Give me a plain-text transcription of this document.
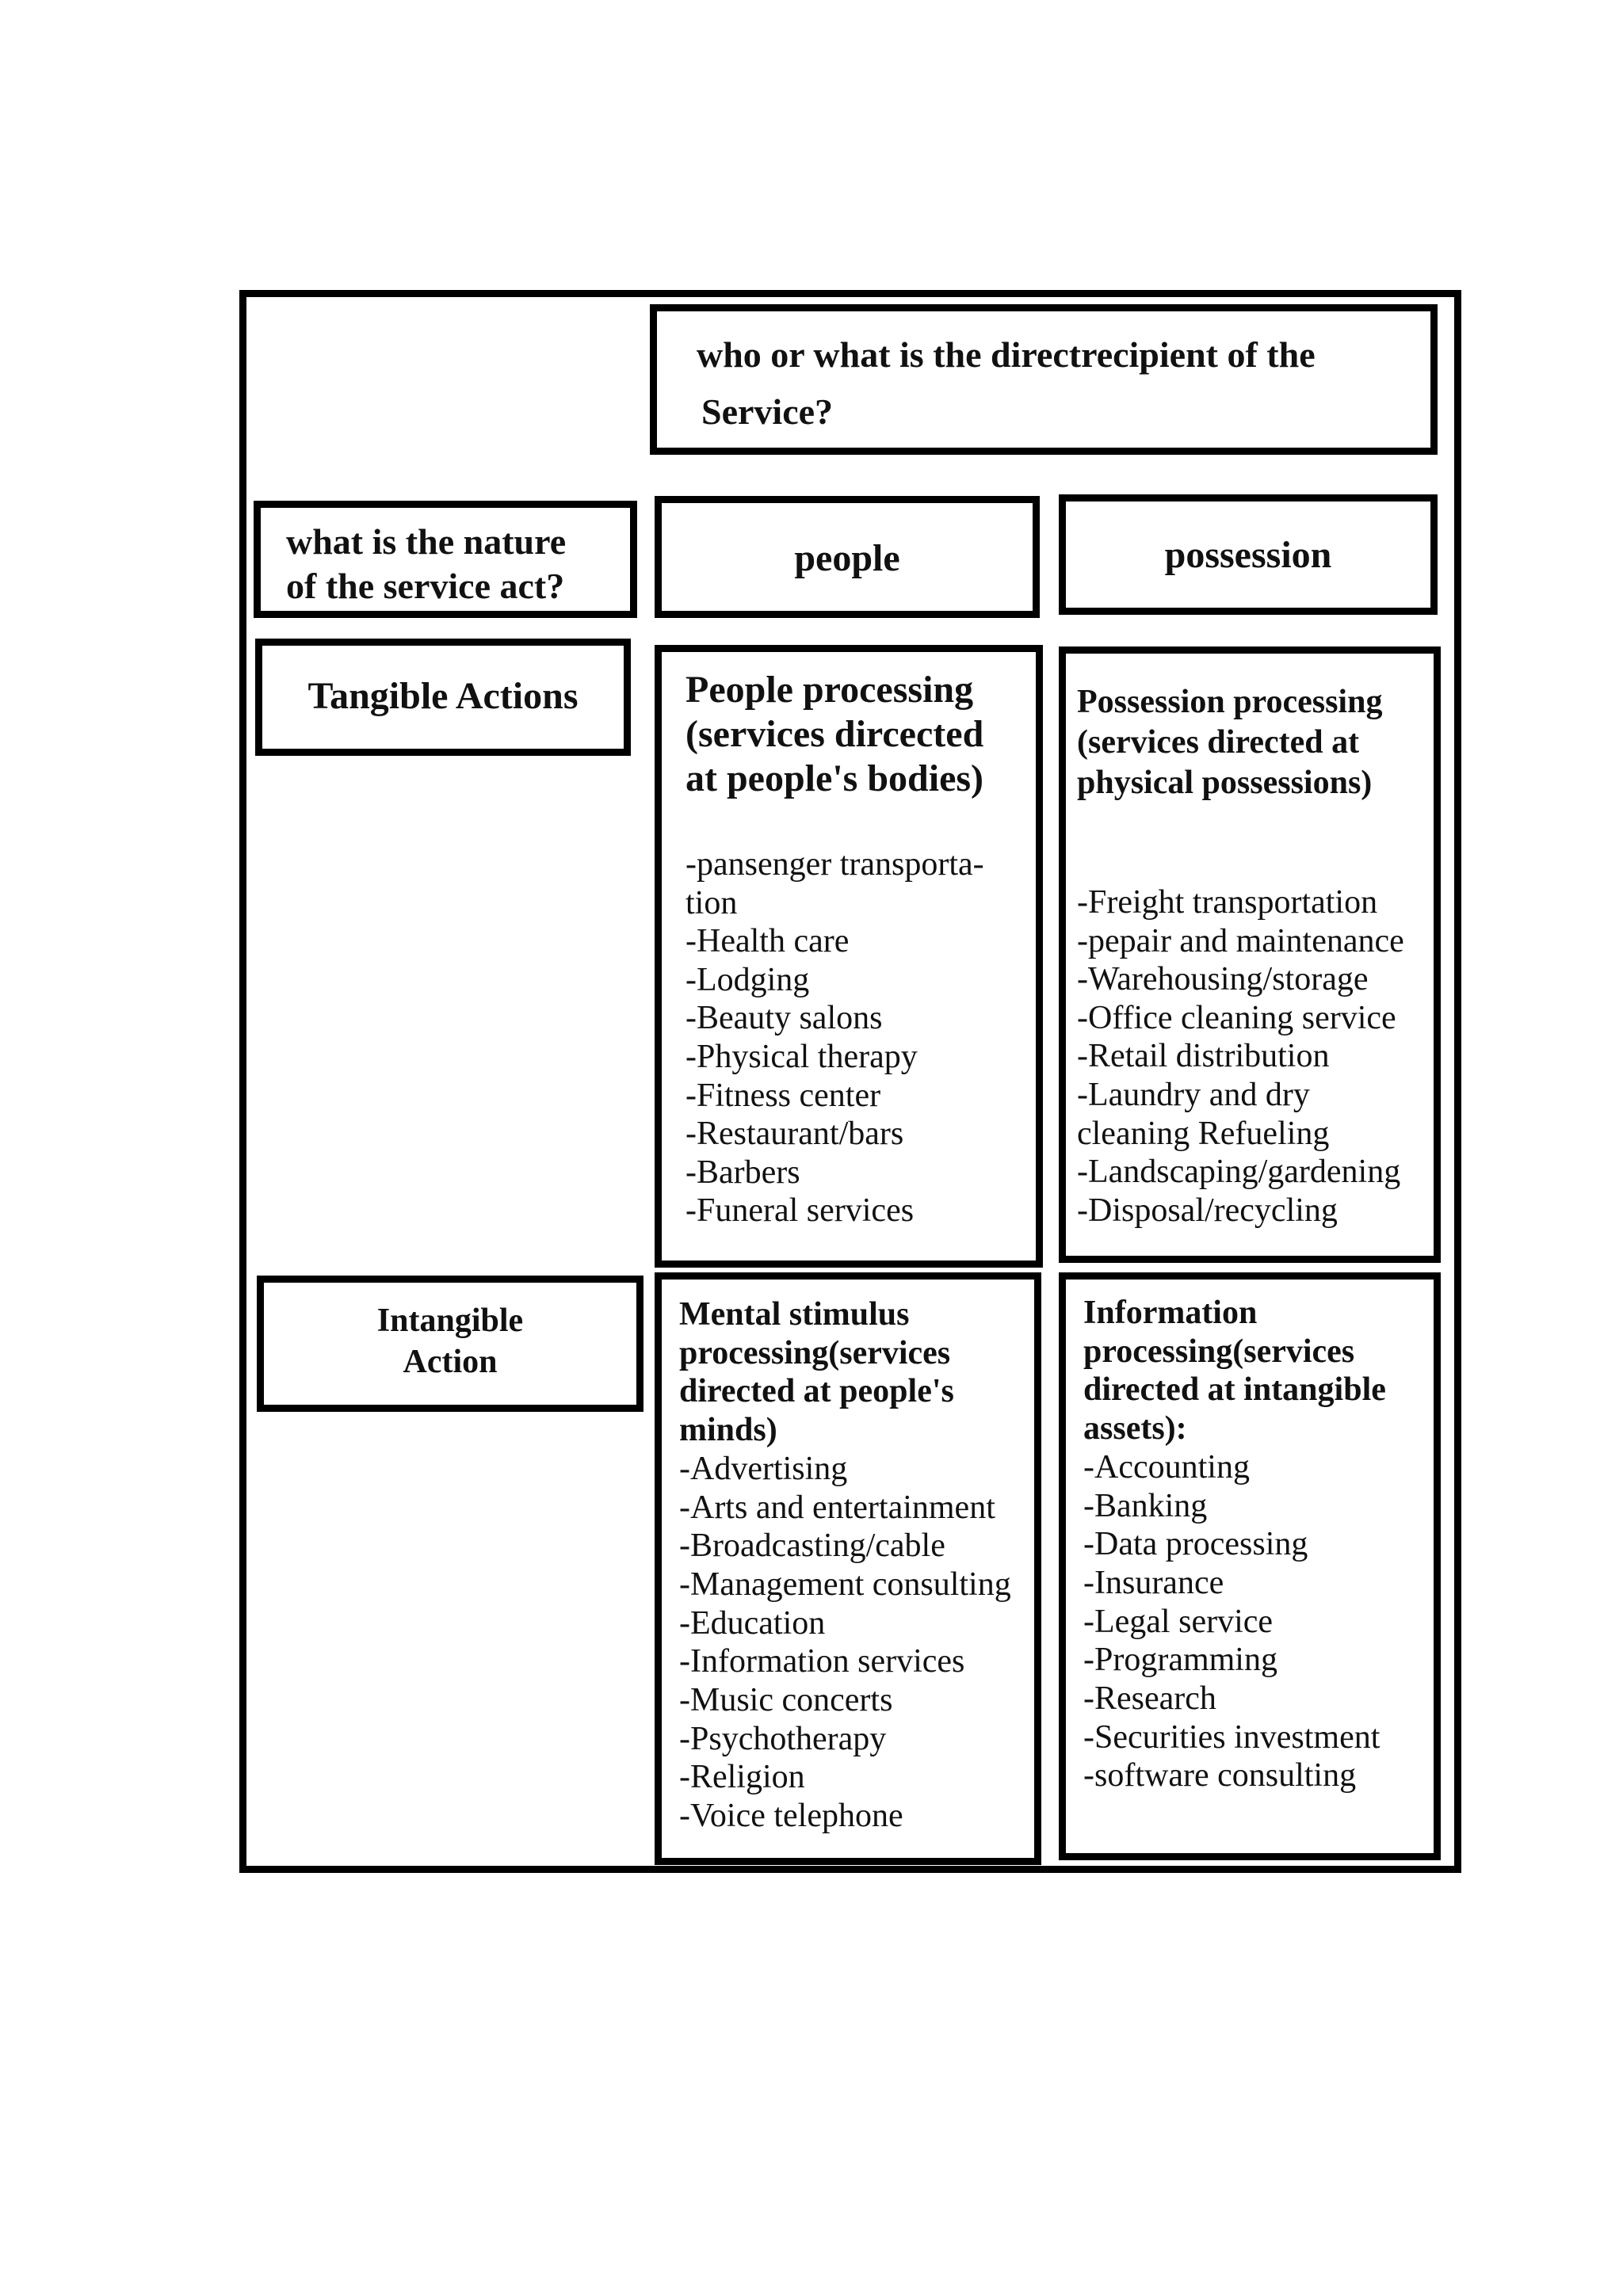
who or what is the directrecipient of the
Service?
what is the nature
of the service act?
people	possession
Tangible Actions
Intangible
Action
People processing
(services dircected
at people's bodies)
-pansenger transporta-
tion
-Health care
-Lodging
-Beauty salons
-Physical therapy
-Fitness center
-Restaurant/bars
-Barbers
-Funeral services
Possession processing
(services directed at
physical possessions)
-Freight transportation
-pepair and maintenance
-Warehousing/storage
-Office cleaning service
-Retail distribution
-Laundry and dry
cleaning Refueling
-Landscaping/gardening
-Disposal/recycling
Mental stimulus
processing(services
directed at people's
minds)
-Advertising
-Arts and entertainment
-Broadcasting/cable
-Management consulting
-Education
-Information services
-Music concerts
-Psychotherapy
-Religion
-Voice telephone
Information
processing(services
directed at intangible
assets):
-Accounting
-Banking
-Data processing
-Insurance
-Legal service
-Programming
-Research
-Securities investment
-software consulting
